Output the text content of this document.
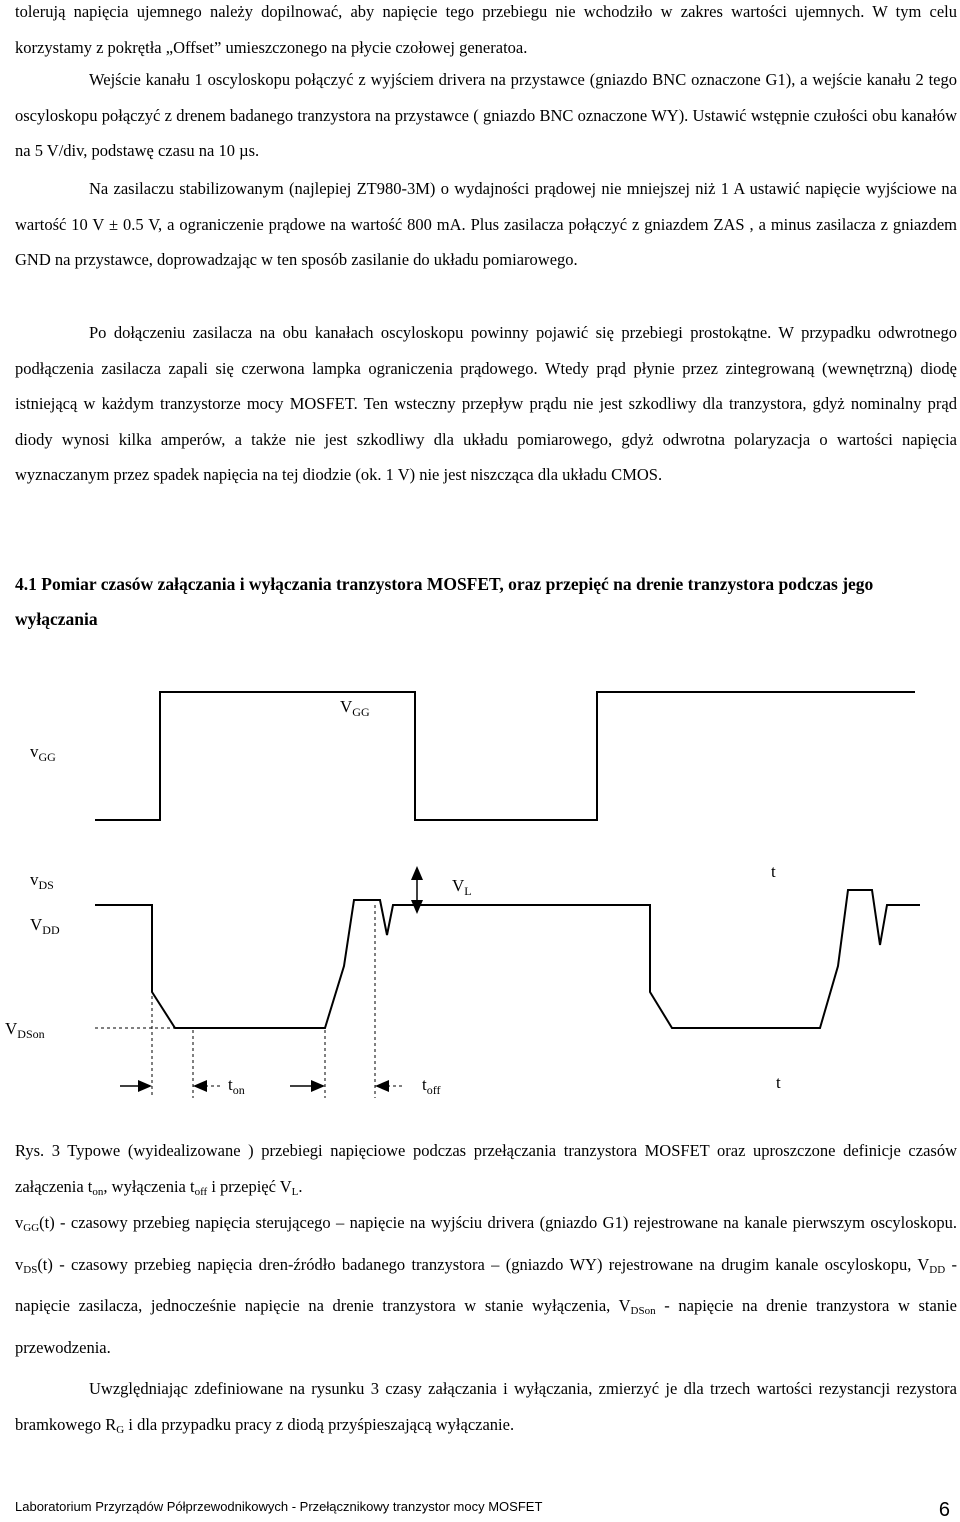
tolerują napięcia ujemnego należy dopilnować, aby napięcie tego przebiegu nie wchodziło w zakres wartości ujemnych. W tym celu korzystamy z pokrętła „Offset” umieszczonego na płycie czołowej generatoa.

Wejście kanału 1 oscyloskopu połączyć z wyjściem drivera na przystawce (gniazdo BNC oznaczone G1), a wejście kanału 2 tego oscyloskopu połączyć z drenem badanego tranzystora na przystawce ( gniazdo BNC oznaczone WY). Ustawić wstępnie czułości obu kanałów na 5 V/div, podstawę czasu na 10 µs.

Na zasilaczu stabilizowanym (najlepiej ZT980-3M) o wydajności prądowej nie mniejszej niż 1 A ustawić napięcie wyjściowe na wartość 10 V ± 0.5 V, a ograniczenie prądowe na wartość 800 mA. Plus zasilacza połączyć z gniazdem ZAS , a minus zasilacza z gniazdem GND na przystawce, doprowadzając w ten sposób zasilanie do układu pomiarowego.

Po dołączeniu zasilacza na obu kanałach oscyloskopu powinny pojawić się przebiegi prostokątne. W przypadku odwrotnego podłączenia zasilacza zapali się czerwona lampka ograniczenia prądowego. Wtedy prąd płynie przez zintegrowaną (wewnętrzną) diodę istniejącą w każdym tranzystorze mocy MOSFET. Ten wsteczny przepływ prądu nie jest szkodliwy dla tranzystora, gdyż nominalny prąd diody wynosi kilka amperów, a także nie jest szkodliwy dla układu pomiarowego, gdyż odwrotna polaryzacja o wartości napięcia wyznaczanym przez spadek napięcia na tej diodzie (ok. 1 V) nie jest niszcząca dla układu CMOS.

4.1 Pomiar czasów załączania i wyłączania tranzystora MOSFET, oraz przepięć na drenie tranzystora podczas jego wyłączania

$V_{GG}$
$v_{GG}$
$v_{DS}$
$V_{DD}$
$V_{DSon}$
$V_L$
$t_{on}$	$t_{off}$
t
t

Rys. 3 Typowe (wyidealizowane ) przebiegi napięciowe podczas przełączania tranzystora MOSFET oraz uproszczone definicje czasów załączenia $t_{on}$, wyłączenia $t_{off}$ i przepięć $V_L$.

$v_{GG}(t)$ - czasowy przebieg napięcia sterującego – napięcie na wyjściu drivera (gniazdo G1) rejestrowane na kanale pierwszym oscyloskopu. $v_{DS}(t)$ - czasowy przebieg napięcia dren-źródło badanego tranzystora – (gniazdo WY) rejestrowane na drugim kanale oscyloskopu, $V_{DD}$ - napięcie zasilacza, jednocześnie napięcie na drenie tranzystora w stanie wyłączenia, $V_{DSon}$ - napięcie na drenie tranzystora w stanie przewodzenia.

Uwzględniając zdefiniowane na rysunku 3 czasy załączania i wyłączania, zmierzyć je dla trzech wartości rezystancji rezystora bramkowego $R_G$ i dla przypadku pracy z diodą przyśpieszającą wyłączanie.

Laboratorium Przyrządów Półprzewodnikowych - Przełącznikowy tranzystor mocy MOSFET	6
